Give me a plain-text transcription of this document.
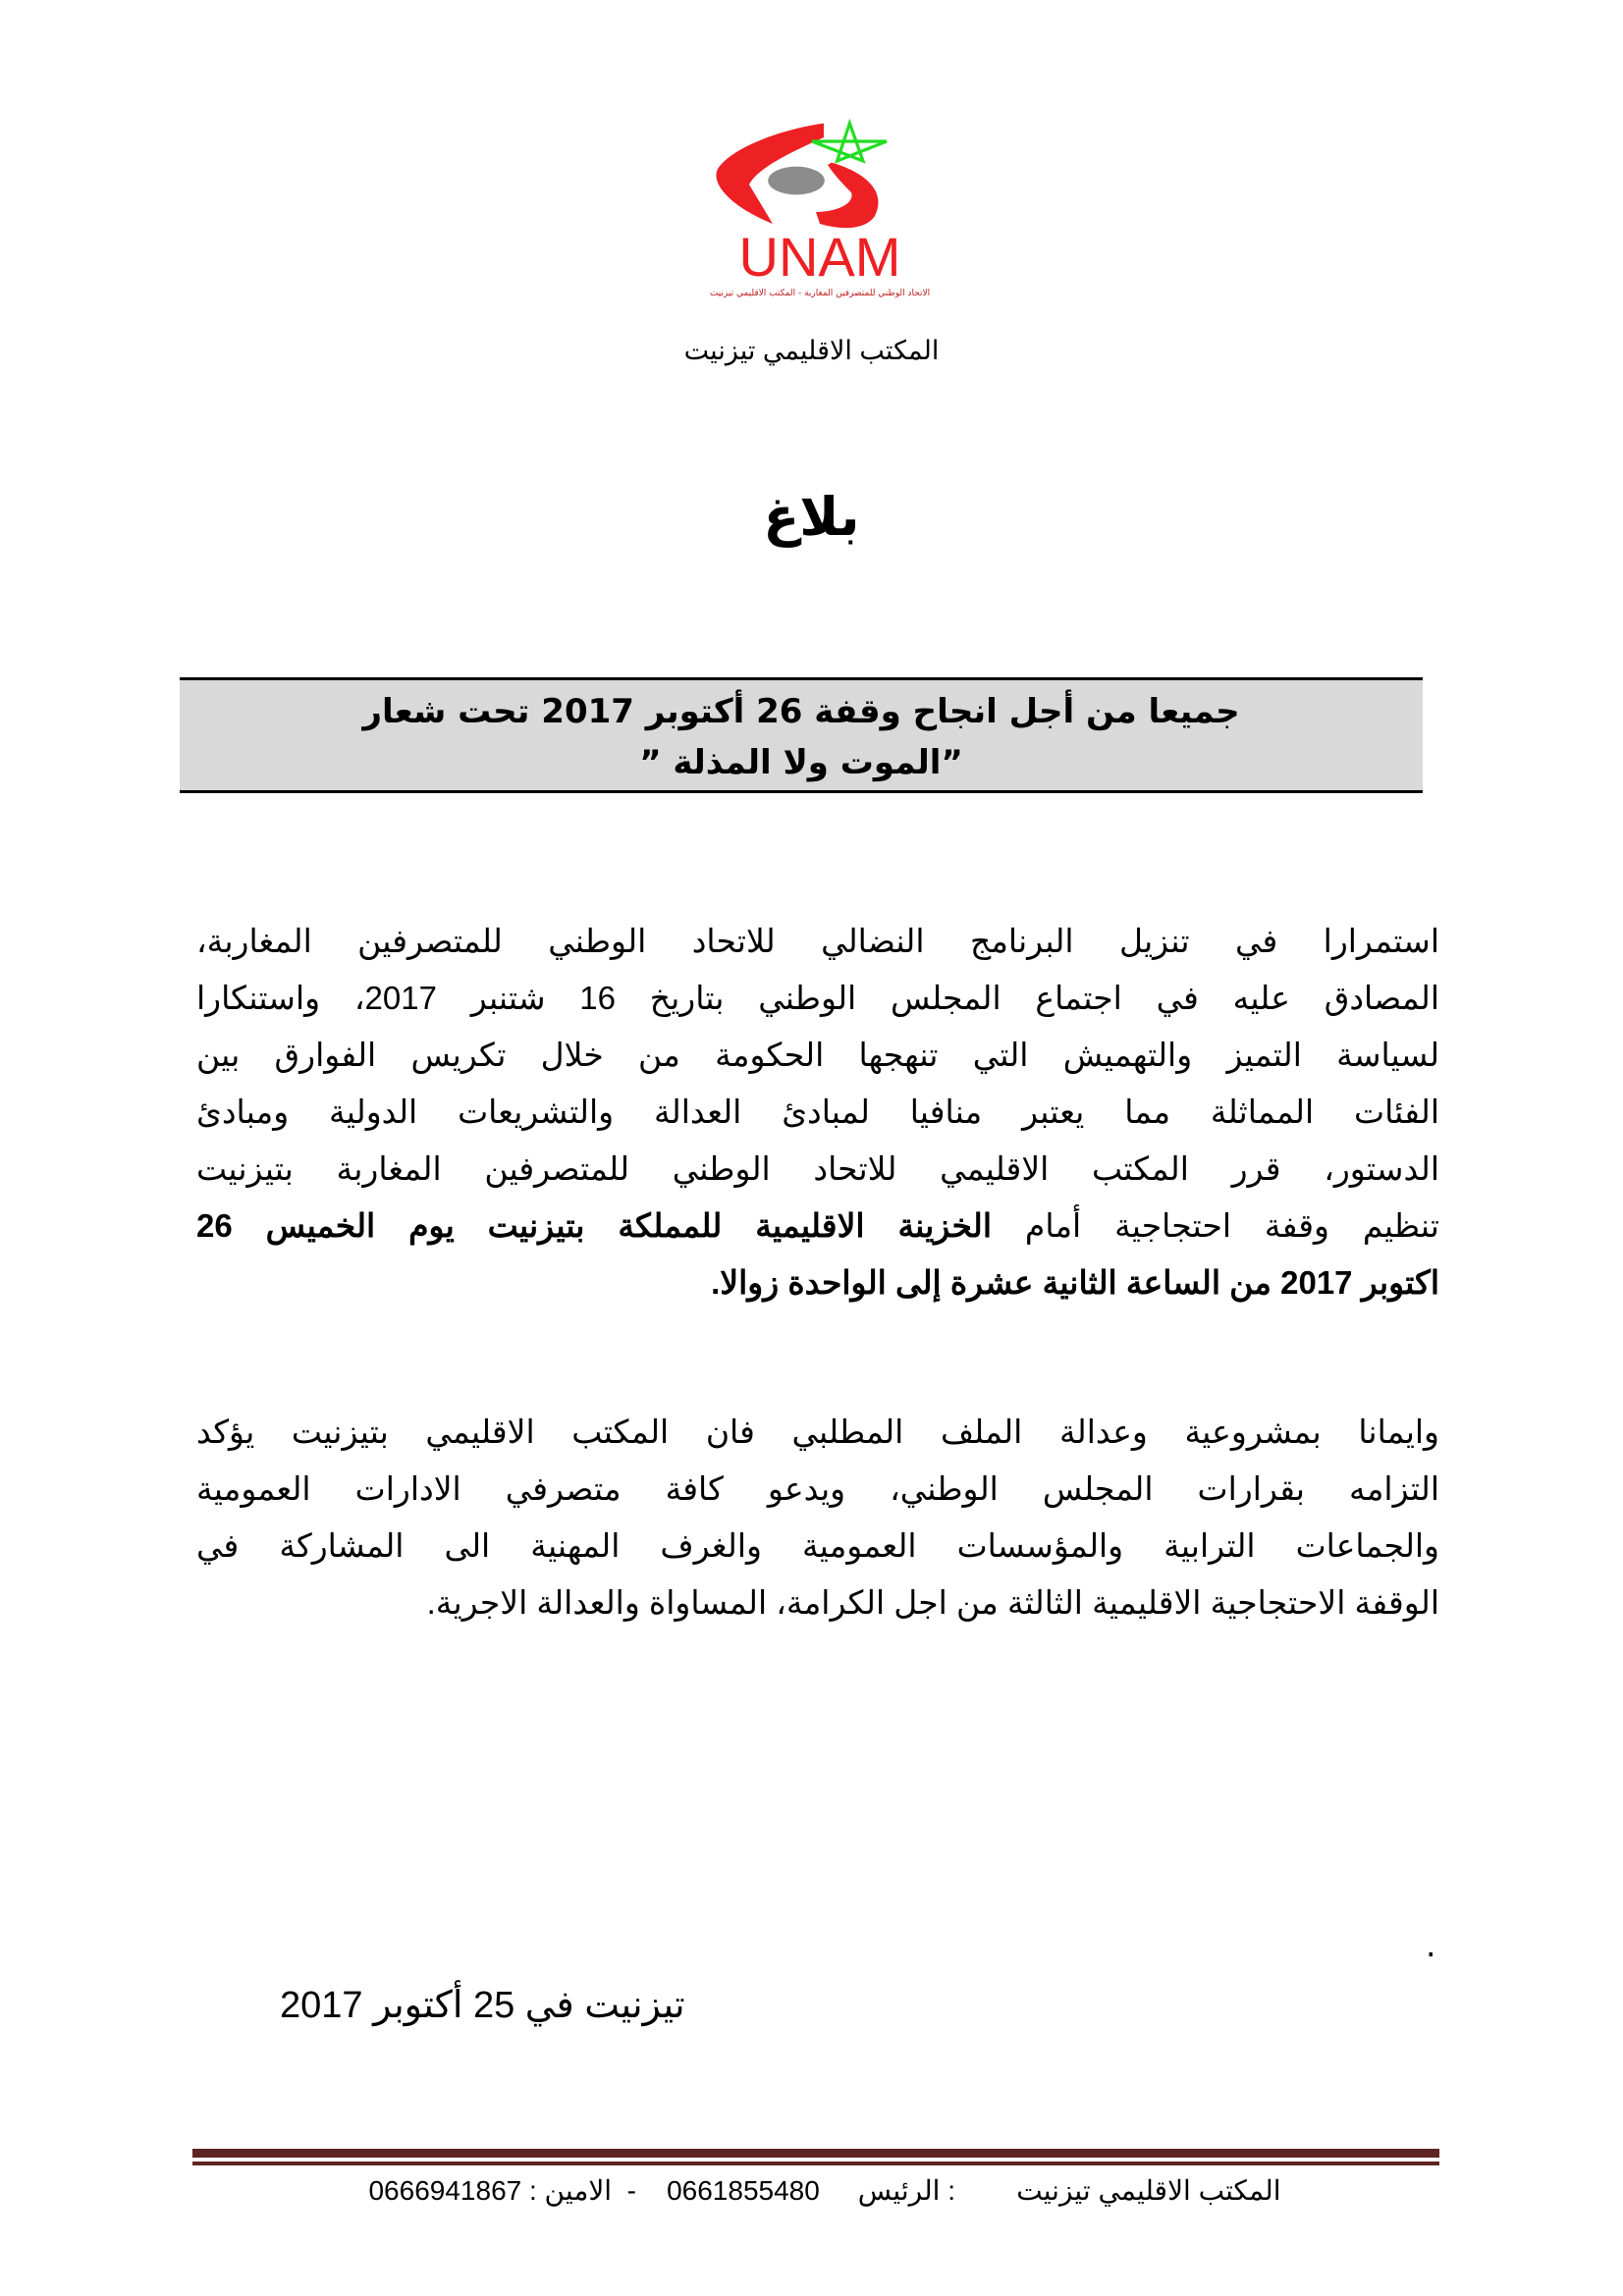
UNAM
الاتحاد الوطني للمتصرفين المغاربة - المكتب الاقليمي تيزنيت
المكتب الاقليمي تيزنيت
بلاغ
جميعا من أجل انجاح وقفة 26 أكتوبر 2017 تحت شعار
”الموت ولا المذلة ”
استمرارا في تنزيل البرنامج النضالي للاتحاد الوطني للمتصرفين المغاربة،
المصادق عليه في اجتماع المجلس الوطني بتاريخ 16 شتنبر 2017، واستنكارا
لسياسة التميز والتهميش التي تنهجها الحكومة من خلال تكريس الفوارق بين
الفئات المماثلة مما يعتبر منافيا لمبادئ العدالة والتشريعات الدولية ومبادئ
الدستور، قرر المكتب الاقليمي للاتحاد الوطني للمتصرفين المغاربة بتيزنيت
تنظيم وقفة احتجاجية أمام الخزينة الاقليمية للمملكة بتيزنيت يوم الخميس 26
اكتوبر 2017 من الساعة الثانية عشرة إلى الواحدة زوالا.
وايمانا بمشروعية وعدالة الملف المطلبي فان المكتب الاقليمي بتيزنيت يؤكد
التزامه بقرارات المجلس الوطني، ويدعو كافة متصرفي الادارات العمومية
والجماعات الترابية والمؤسسات العمومية والغرف المهنية الى المشاركة في
الوقفة الاحتجاجية الاقليمية الثالثة من اجل الكرامة، المساواة والعدالة الاجرية.
.
تيزنيت في 25 أكتوبر 2017
المكتب الاقليمي تيزنيت        : الرئيس     0661855480    -  الامين : 0666941867
